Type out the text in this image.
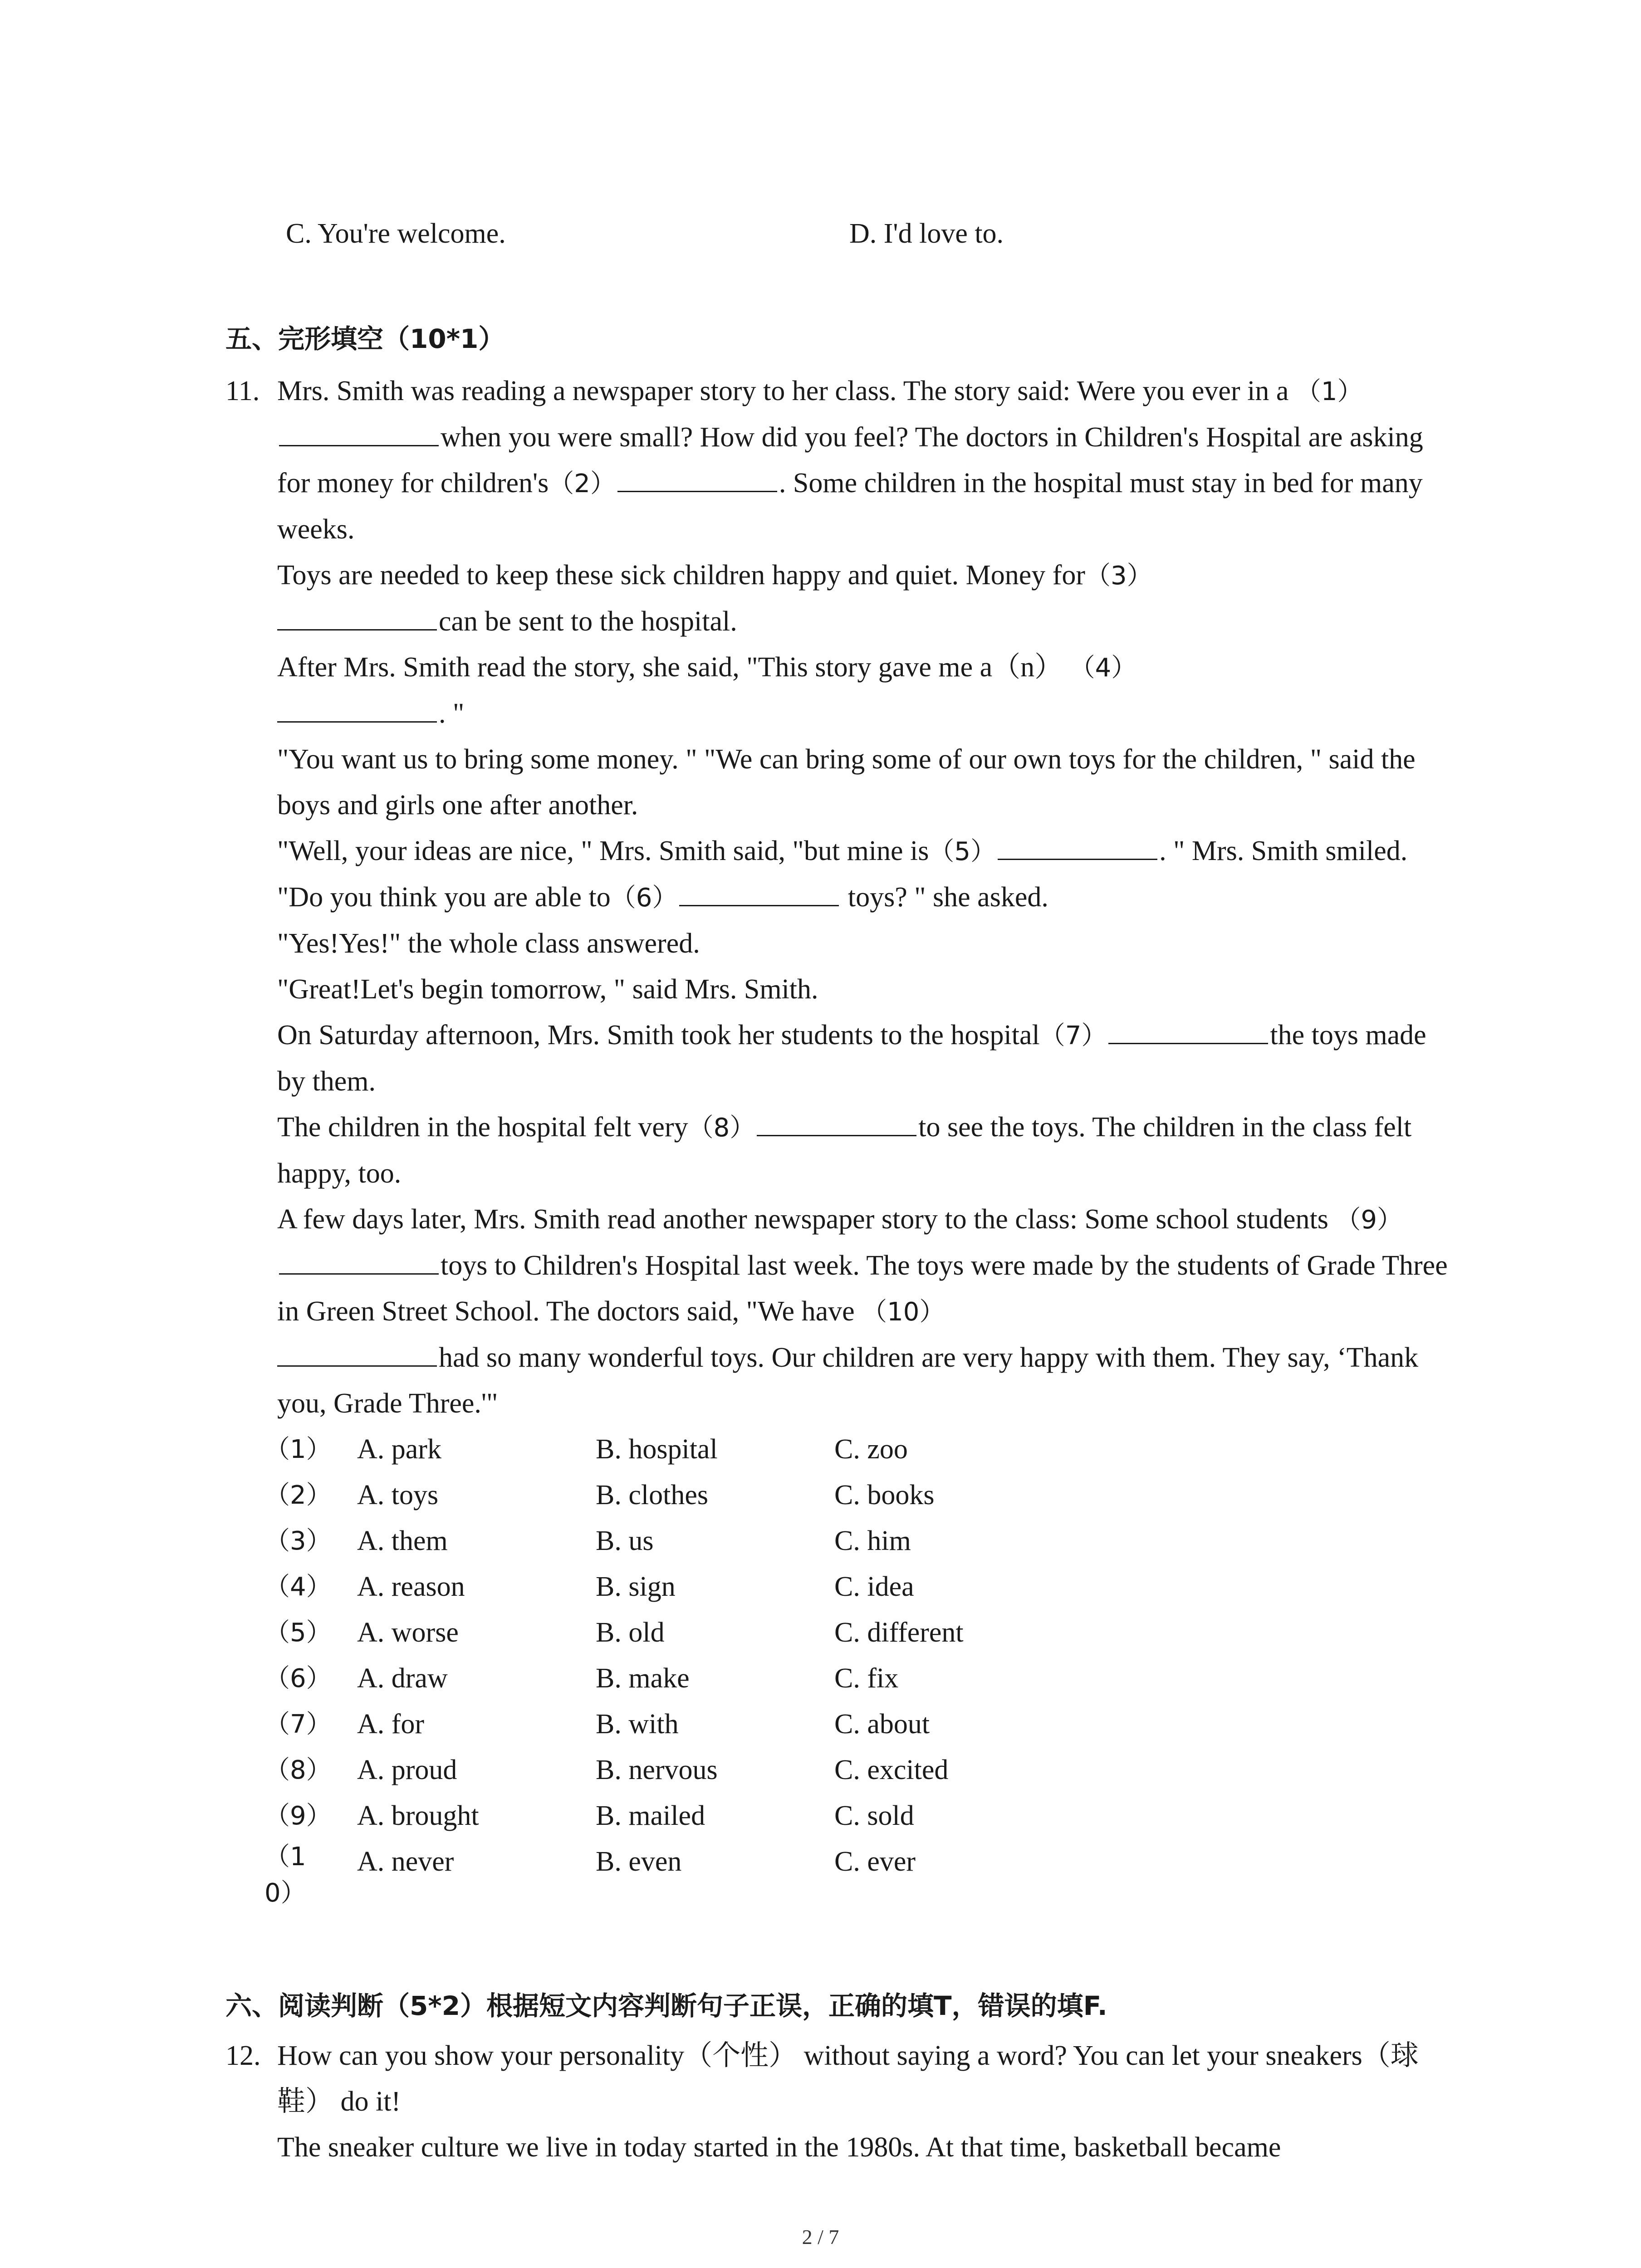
C. You're welcome.	D. I'd love to.
五、完形填空（10*1）
11. Mrs. Smith was reading a newspaper story to her class. The story said: Were you ever in a （1）when you were small? How did you feel? The doctors in Children's Hospital are asking for money for children's（2）	. Some children in the hospital must stay in bed for many weeks.

Toys are needed to keep these sick children happy and quiet. Money for（3）
can be sent to the hospital.

After Mrs. Smith read the story, she said, "This story gave me a（n） （4）
. "

"You want us to bring some money. " "We can bring some of our own toys for the children, " said the boys and girls one after another.

"Well, your ideas are nice, " Mrs. Smith said, "but mine is（5）	. " Mrs. Smith smiled. "Do you think you are able to（6）	toys? " she asked.

"Yes!Yes!" the whole class answered.

"Great!Let's begin tomorrow, " said Mrs. Smith.

On Saturday afternoon, Mrs. Smith took her students to the hospital（7）	the toys made by them.

The children in the hospital felt very（8）	to see the toys. The children in the class felt happy, too.

A few days later, Mrs. Smith read another newspaper story to the class: Some school students （9）toys to Children's Hospital last week. The toys were made by the students of Grade Three in Green Street School. The doctors said, "We have （10）
had so many wonderful toys. Our children are very happy with them. They say, ‘Thank you, Grade Three.'"

（1） A. park	B. hospital	C. zoo
（2） A. toys	B. clothes	C. books
（3） A. them	B. us	C. him
（4） A. reason	B. sign	C. idea
（5） A. worse	B. old	C. different
（6） A. draw	B. make	C. fix
（7） A. for	B. with	C. about
（8） A. proud	B. nervous	C. excited
（9） A. brought	B. mailed	C. sold
（10）
A. never	B. even	C. ever
六、阅读判断（5*2）根据短文内容判断句子正误，正确的填T，错误的填F.
12. How can you show your personality（个性） without saying a word? You can let your sneakers（球鞋） do it!

The sneaker culture we live in today started in the 1980s. At that time, basketball became

2 / 7
